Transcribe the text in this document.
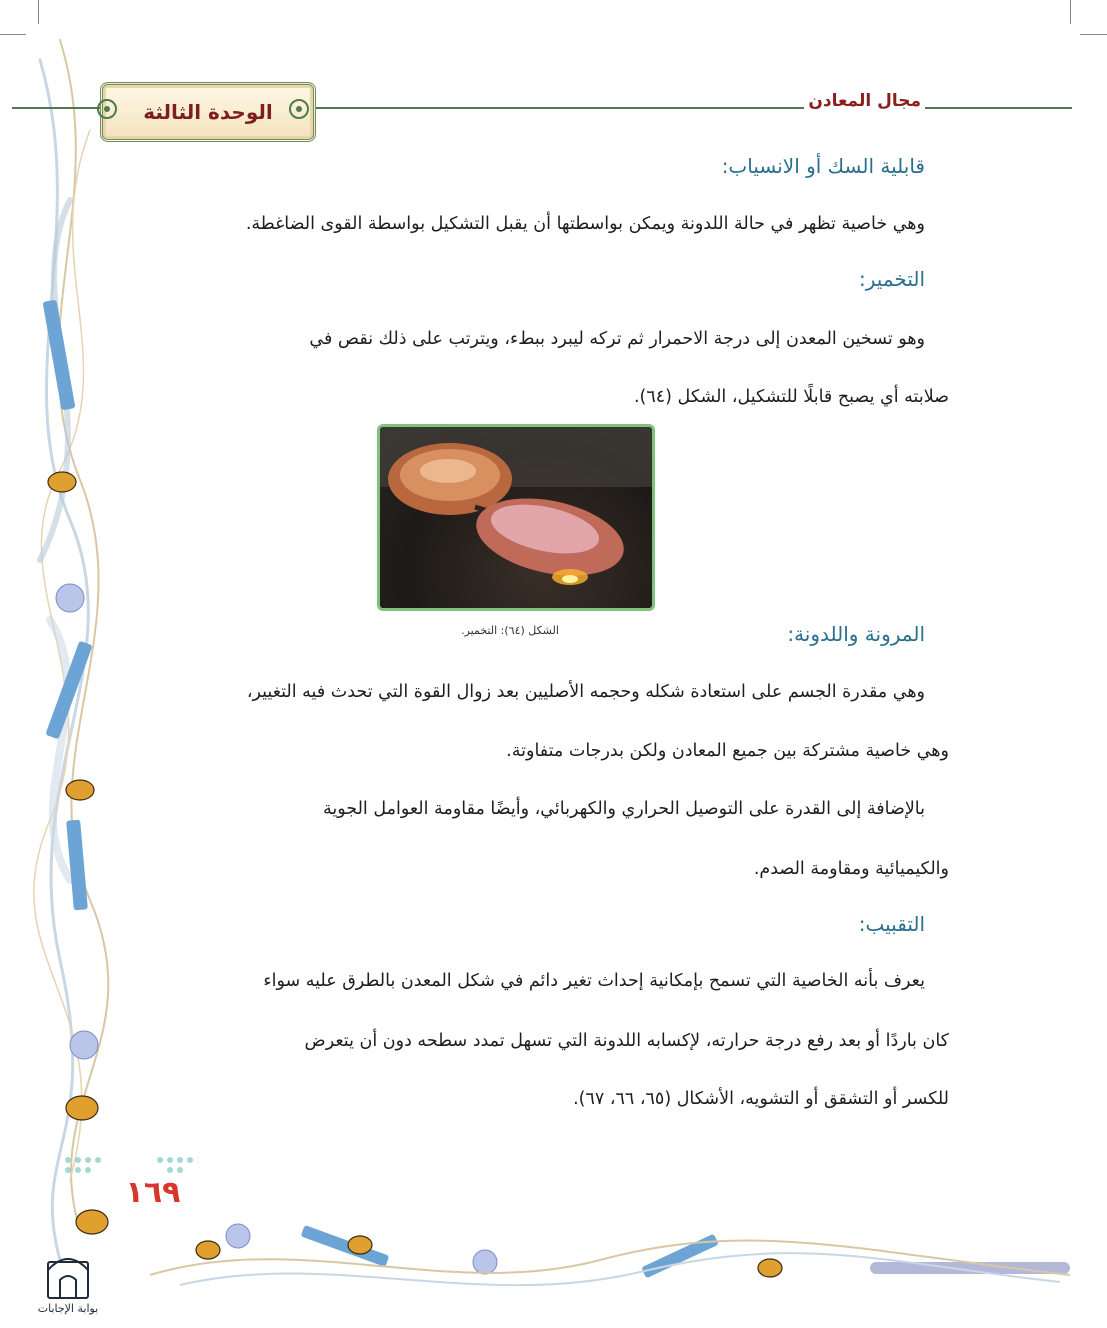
الوحدة الثالثة	مجال المعادن
قابلية السك أو الانسياب:
وهي خاصية تظهر في حالة اللدونة ويمكن بواسطتها أن يقبل التشكيل بواسطة القوى الضاغطة.
التخمير:
وهو تسخين المعدن إلى درجة الاحمرار ثم تركه ليبرد ببطء، ويترتب على ذلك نقص في
صلابته أي يصبح قابلًا للتشكيل، الشكل (٦٤).
الشكل (٦٤): التخمير.	المرونة واللدونة:
وهي مقدرة الجسم على استعادة شكله وحجمه الأصليين بعد زوال القوة التي تحدث فيه التغيير،
وهي خاصية مشتركة بين جميع المعادن ولكن بدرجات متفاوتة.
بالإضافة إلى القدرة على التوصيل الحراري والكهربائي، وأيضًا مقاومة العوامل الجوية
والكيميائية ومقاومة الصدم.
التقبيب:
يعرف بأنه الخاصية التي تسمح بإمكانية إحداث تغير دائم في شكل المعدن بالطرق عليه سواء
كان باردًا أو بعد رفع درجة حرارته، لإكسابه اللدونة التي تسهل تمدد سطحه دون أن يتعرض
للكسر أو التشقق أو التشويه، الأشكال (٦٥، ٦٦، ٦٧).
١٦٩
بوابة الإجابات
